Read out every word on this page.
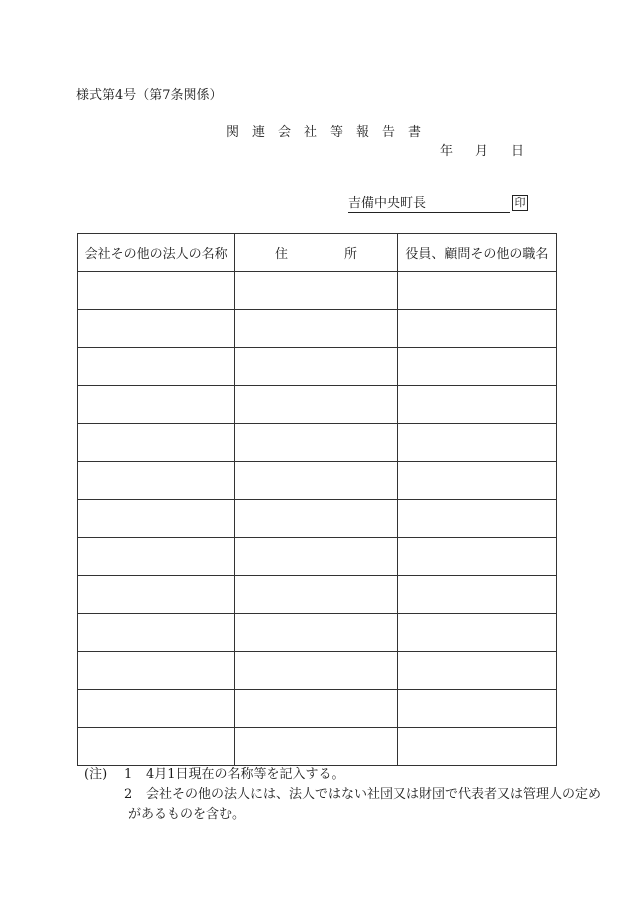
様式第4号（第7条関係）
関連会社等報告書
年 月 日
吉備中央町長	印
会社その他の法人の名称	住 所	役員、顧問その他の職名

(注) 1 4月1日現在の名称等を記入する。
2 会社その他の法人には、法人ではない社団又は財団で代表者又は管理人の定め
があるものを含む。
